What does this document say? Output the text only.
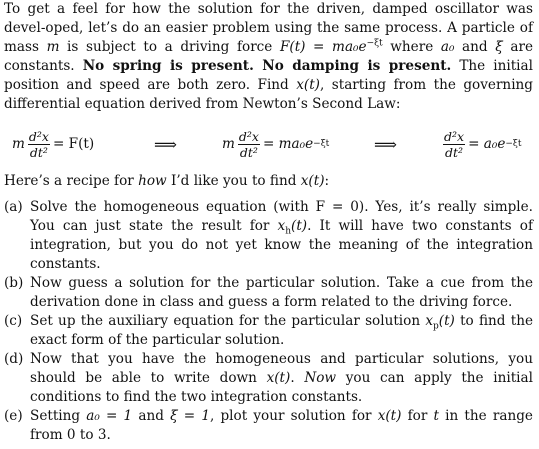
To get a feel for how the solution for the driven, damped oscillator was devel-oped, let’s do an easier problem using the same process. A particle of mass m is subject to a driving force $F(t) = ma_0e^{-\xi t}$ where a₀ and ξ are constants. No spring is present. No damping is present. The initial position and speed are both zero. Find x(t), starting from the governing differential equation derived from Newton’s Second Law:

m $\frac{\text{d²x}}{\text{dt²}} = F(t)$	⟹	m $\frac{\text{d²x}}{\text{dt²}} = ma_0e -\xi t$	⟹	$\frac{\text{d²x}}{\text{dt²}} = a_0e -\xi t$

Here’s a recipe for how I’d like you to find x(t):

(a) Solve the homogeneous equation (with F = 0). Yes, it’s really simple. You can just state the result for $x_h(t)$. It will have two constants of integration, but you do not yet know the meaning of the integration constants.

(b) Now guess a solution for the particular solution. Take a cue from the derivation done in class and guess a form related to the driving force.

(c) Set up the auxiliary equation for the particular solution $x_p(t)$ to find the exact form of the particular solution.

(d) Now that you have the homogeneous and particular solutions, you should be able to write down x(t). Now you can apply the initial conditions to find the two integration constants.

(e) Setting a₀ = 1 and ξ = 1, plot your solution for x(t) for t in the range from 0 to 3.
